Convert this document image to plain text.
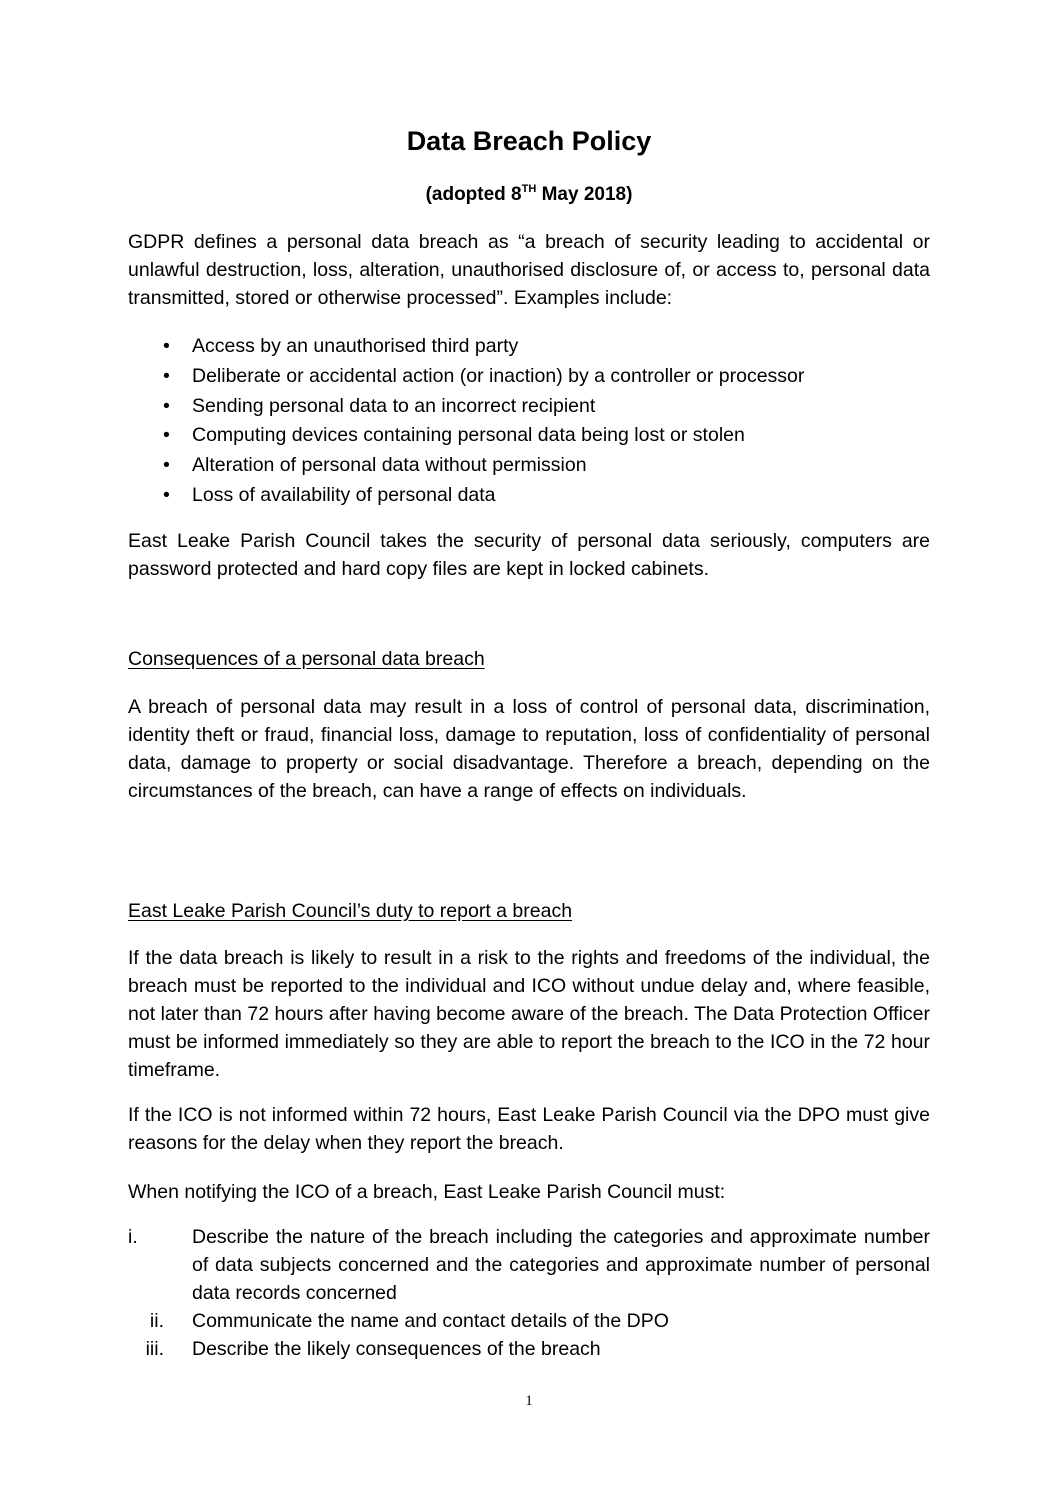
Data Breach Policy
(adopted 8TH May 2018)
GDPR defines a personal data breach as “a breach of security leading to accidental or unlawful destruction, loss, alteration, unauthorised disclosure of, or access to, personal data transmitted, stored or otherwise processed”. Examples include:
• Access by an unauthorised third party
• Deliberate or accidental action (or inaction) by a controller or processor
• Sending personal data to an incorrect recipient
• Computing devices containing personal data being lost or stolen
• Alteration of personal data without permission
• Loss of availability of personal data
East Leake Parish Council takes the security of personal data seriously, computers are password protected and hard copy files are kept in locked cabinets.
Consequences of a personal data breach
A breach of personal data may result in a loss of control of personal data, discrimination, identity theft or fraud, financial loss, damage to reputation, loss of confidentiality of personal data, damage to property or social disadvantage. Therefore a breach, depending on the circumstances of the breach, can have a range of effects on individuals.
East Leake Parish Council’s duty to report a breach
If the data breach is likely to result in a risk to the rights and freedoms of the individual, the breach must be reported to the individual and ICO without undue delay and, where feasible, not later than 72 hours after having become aware of the breach. The Data Protection Officer must be informed immediately so they are able to report the breach to the ICO in the 72 hour timeframe.
If the ICO is not informed within 72 hours, East Leake Parish Council via the DPO must give reasons for the delay when they report the breach.
When notifying the ICO of a breach, East Leake Parish Council must:
i.	Describe the nature of the breach including the categories and approximate number of data subjects concerned and the categories and approximate number of personal data records concerned
ii. Communicate the name and contact details of the DPO
iii. Describe the likely consequences of the breach
1
